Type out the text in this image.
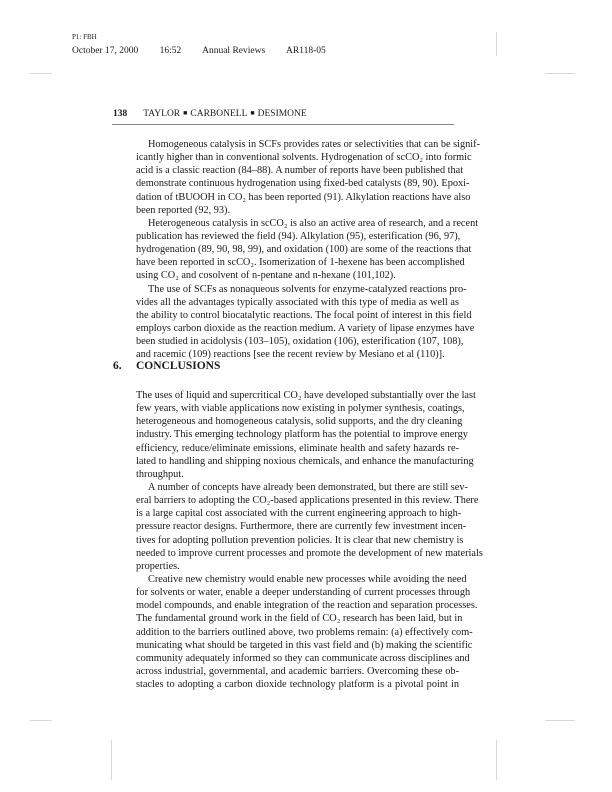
P1: FBH
October 17, 2000 16:52 Annual Reviews AR118-05
138 TAYLOR ■ CARBONELL ■ DESIMONE
Homogeneous catalysis in SCFs provides rates or selectivities that can be signif-
icantly higher than in conventional solvents. Hydrogenation of scCO₂ into formic
acid is a classic reaction (84–88). A number of reports have been published that
demonstrate continuous hydrogenation using fixed-bed catalysts (89, 90). Epoxi-
dation of tBUOOH in CO₂ has been reported (91). Alkylation reactions have also
been reported (92, 93).
Heterogeneous catalysis in scCO₂ is also an active area of research, and a recent
publication has reviewed the field (94). Alkylation (95), esterification (96, 97),
hydrogenation (89, 90, 98, 99), and oxidation (100) are some of the reactions that
have been reported in scCO₂. Isomerization of 1-hexene has been accomplished
using CO₂ and cosolvent of n-pentane and n-hexane (101,102).
The use of SCFs as nonaqueous solvents for enzyme-catalyzed reactions pro-
vides all the advantages typically associated with this type of media as well as
the ability to control biocatalytic reactions. The focal point of interest in this field
employs carbon dioxide as the reaction medium. A variety of lipase enzymes have
been studied in acidolysis (103–105), oxidation (106), esterification (107, 108),
and racemic (109) reactions [see the recent review by Mesiano et al (110)].
6. CONCLUSIONS
The uses of liquid and supercritical CO₂ have developed substantially over the last
few years, with viable applications now existing in polymer synthesis, coatings,
heterogeneous and homogeneous catalysis, solid supports, and the dry cleaning
industry. This emerging technology platform has the potential to improve energy
efficiency, reduce/eliminate emissions, eliminate health and safety hazards re-
lated to handling and shipping noxious chemicals, and enhance the manufacturing
throughput.
A number of concepts have already been demonstrated, but there are still sev-
eral barriers to adopting the CO₂-based applications presented in this review. There
is a large capital cost associated with the current engineering approach to high-
pressure reactor designs. Furthermore, there are currently few investment incen-
tives for adopting pollution prevention policies. It is clear that new chemistry is
needed to improve current processes and promote the development of new materials
properties.
Creative new chemistry would enable new processes while avoiding the need
for solvents or water, enable a deeper understanding of current processes through
model compounds, and enable integration of the reaction and separation processes.
The fundamental ground work in the field of CO₂ research has been laid, but in
addition to the barriers outlined above, two problems remain: (a) effectively com-
municating what should be targeted in this vast field and (b) making the scientific
community adequately informed so they can communicate across disciplines and
across industrial, governmental, and academic barriers. Overcoming these ob-
stacles to adopting a carbon dioxide technology platform is a pivotal point in
